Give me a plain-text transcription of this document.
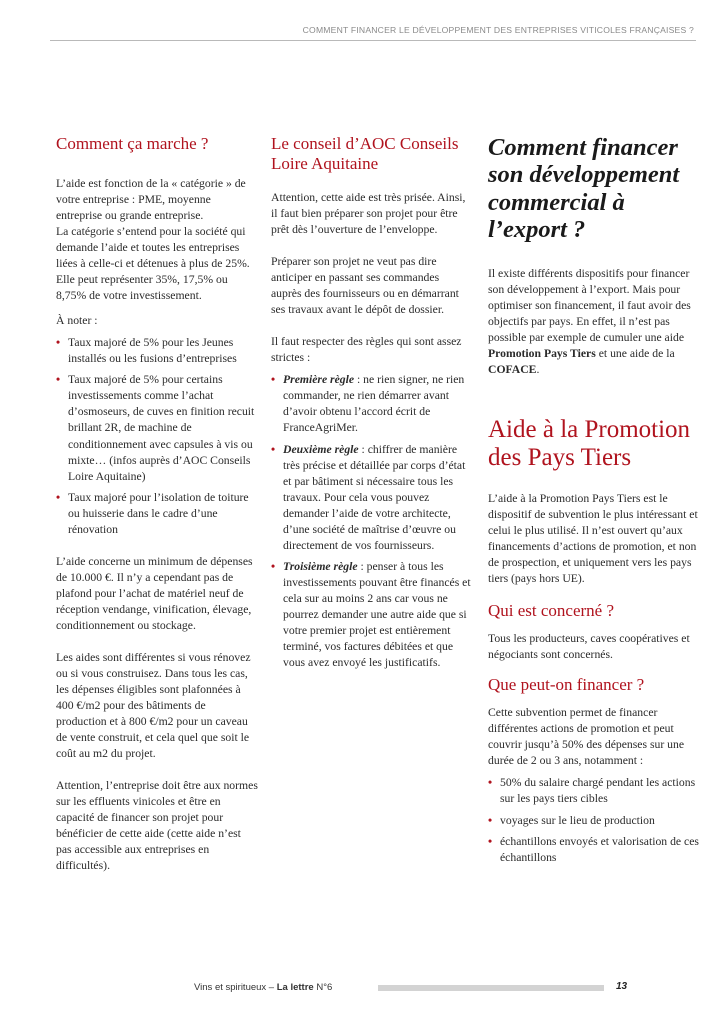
COMMENT FINANCER LE DÉVELOPPEMENT DES ENTREPRISES VITICOLES FRANÇAISES ?
Comment ça marche ?

L’aide est fonction de la « catégorie » de votre entreprise : PME, moyenne entreprise ou grande entreprise.

La catégorie s’entend pour la société qui demande l’aide et toutes les entreprises liées à celle-ci et détenues à plus de 25%. Elle peut représenter 35%, 17,5% ou 8,75% de votre investissement.

À noter :

• Taux majoré de 5% pour les Jeunes installés ou les fusions d’entreprises
• Taux majoré de 5% pour certains investissements comme l’achat d’osmoseurs, de cuves en finition recuit brillant 2R, de machine de conditionnement avec capsules à vis ou mixte… (infos auprès d’AOC Conseils Loire Aquitaine)
• Taux majoré pour l’isolation de toiture ou huisserie dans le cadre d’une rénovation

L’aide concerne un minimum de dépenses de 10.000 €. Il n’y a cependant pas de plafond pour l’achat de matériel neuf de réception vendange, vinification, élevage, conditionnement ou stockage.

Les aides sont différentes si vous rénovez ou si vous construisez. Dans tous les cas, les dépenses éligibles sont plafonnées à 400 €/m2 pour des bâtiments de production et à 800 €/m2 pour un caveau de vente construit, et cela quel que soit le coût au m2 du projet.

Attention, l’entreprise doit être aux normes sur les effluents vinicoles et être en capacité de financer son projet pour bénéficier de cette aide (cette aide n’est pas accessible aux entreprises en difficultés).

Le conseil d’AOC Conseils Loire Aquitaine

Attention, cette aide est très prisée. Ainsi, il faut bien préparer son projet pour être prêt dès l’ouverture de l’enveloppe.

Préparer son projet ne veut pas dire anticiper en passant ses commandes auprès des fournisseurs ou en démarrant ses travaux avant le dépôt de dossier.

Il faut respecter des règles qui sont assez strictes :

• Première règle : ne rien signer, ne rien commander, ne rien démarrer avant d’avoir obtenu l’accord écrit de FranceAgriMer.
• Deuxième règle : chiffrer de manière très précise et détaillée par corps d’état et par bâtiment si nécessaire tous les travaux. Pour cela vous pouvez demander l’aide de votre architecte, d’une société de maîtrise d’œuvre ou directement de vos fournisseurs.
• Troisième règle : penser à tous les investissements pouvant être financés et cela sur au moins 2 ans car vous ne pourrez demander une autre aide que si votre premier projet est entièrement terminé, vos factures débitées et que vous avez envoyé les justificatifs.
Comment financer son développement commercial à l’export ?

Il existe différents dispositifs pour financer son développement à l’export. Mais pour optimiser son financement, il faut avoir des objectifs par pays. En effet, il n’est pas possible par exemple de cumuler une aide Promotion Pays Tiers et une aide de la COFACE.

Aide à la Promotion des Pays Tiers

L’aide à la Promotion Pays Tiers est le dispositif de subvention le plus intéressant et celui le plus utilisé. Il n’est ouvert qu’aux financements d’actions de promotion, et non de prospection, et uniquement vers les pays tiers (pays hors UE).

Qui est concerné ?

Tous les producteurs, caves coopératives et négociants sont concernés.

Que peut-on financer ?

Cette subvention permet de financer différentes actions de promotion et peut couvrir jusqu’à 50% des dépenses sur une durée de 2 ou 3 ans, notamment :

• 50% du salaire chargé pendant les actions sur les pays tiers cibles
• voyages sur le lieu de production
• échantillons envoyés et valorisation de ces échantillons
Vins et spiritueux – La lettre N°6	13
